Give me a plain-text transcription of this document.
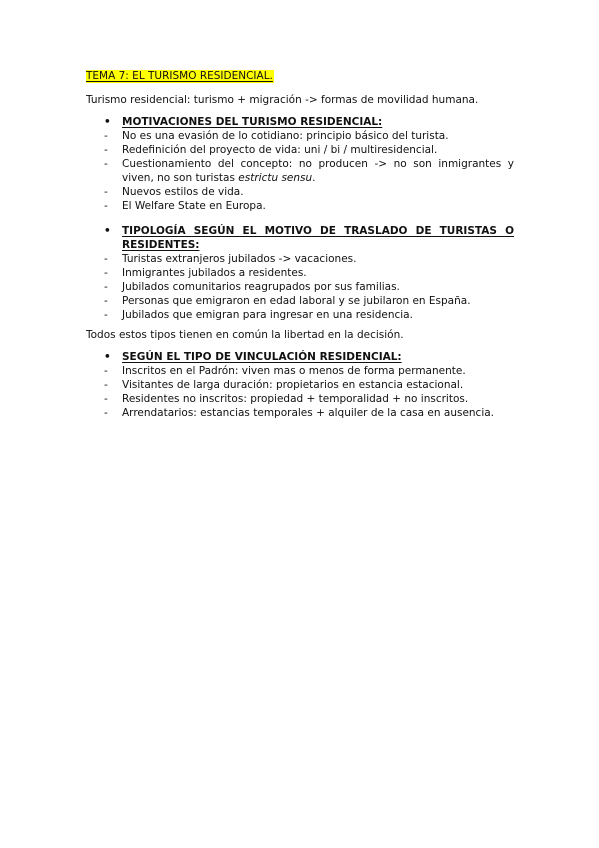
TEMA 7: EL TURISMO RESIDENCIAL.

Turismo residencial: turismo + migración -> formas de movilidad humana.

• MOTIVACIONES DEL TURISMO RESIDENCIAL:
- No es una evasión de lo cotidiano: principio básico del turista.
- Redefinición del proyecto de vida: uni / bi / multiresidencial.
- Cuestionamiento del concepto: no producen -> no son inmigrantes y viven, no son turistas estrictu sensu.
- Nuevos estilos de vida.
- El Welfare State en Europa.
• TIPOLOGÍA SEGÚN EL MOTIVO DE TRASLADO DE TURISTAS O RESIDENTES:
- Turistas extranjeros jubilados -> vacaciones.
- Inmigrantes jubilados a residentes.
- Jubilados comunitarios reagrupados por sus familias.
- Personas que emigraron en edad laboral y se jubilaron en España.
- Jubilados que emigran para ingresar en una residencia.

Todos estos tipos tienen en común la libertad en la decisión.

• SEGÚN EL TIPO DE VINCULACIÓN RESIDENCIAL:
- Inscritos en el Padrón: viven mas o menos de forma permanente.
- Visitantes de larga duración: propietarios en estancia estacional.
- Residentes no inscritos: propiedad + temporalidad + no inscritos.
- Arrendatarios: estancias temporales + alquiler de la casa en ausencia.
